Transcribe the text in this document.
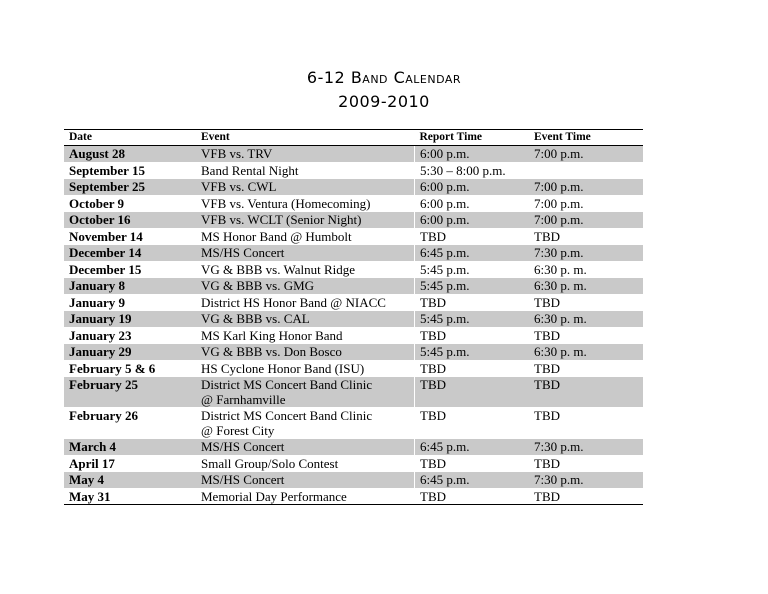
6-12 Band Calendar
2009-2010
Date	Event	Report Time	Event Time
August 28	VFB vs. TRV	6:00 p.m.	7:00 p.m.
September 15	Band Rental Night	5:30 – 8:00 p.m.	
September 25	VFB vs. CWL	6:00 p.m.	7:00 p.m.
October 9	VFB vs. Ventura (Homecoming)	6:00 p.m.	7:00 p.m.
October 16	VFB vs. WCLT (Senior Night)	6:00 p.m.	7:00 p.m.
November 14	MS Honor Band @ Humbolt	TBD	TBD
December 14	MS/HS Concert	6:45 p.m.	7:30 p.m.
December 15	VG & BBB vs. Walnut Ridge	5:45 p.m.	6:30 p. m.
January 8	VG & BBB vs. GMG	5:45 p.m.	6:30 p. m.
January 9	District HS Honor Band @ NIACC	TBD	TBD
January 19	VG & BBB vs. CAL	5:45 p.m.	6:30 p. m.
January 23	MS Karl King Honor Band	TBD	TBD
January 29	VG & BBB vs. Don Bosco	5:45 p.m.	6:30 p. m.
February 5 & 6	HS Cyclone Honor Band (ISU)	TBD	TBD
February 25	District MS Concert Band Clinic
@ Farnhamville	TBD	TBD
February 26	District MS Concert Band Clinic
@ Forest City	TBD	TBD
March 4	MS/HS Concert	6:45 p.m.	7:30 p.m.
April 17	Small Group/Solo Contest	TBD	TBD
May 4	MS/HS Concert	6:45 p.m.	7:30 p.m.
May 31	Memorial Day Performance	TBD	TBD
